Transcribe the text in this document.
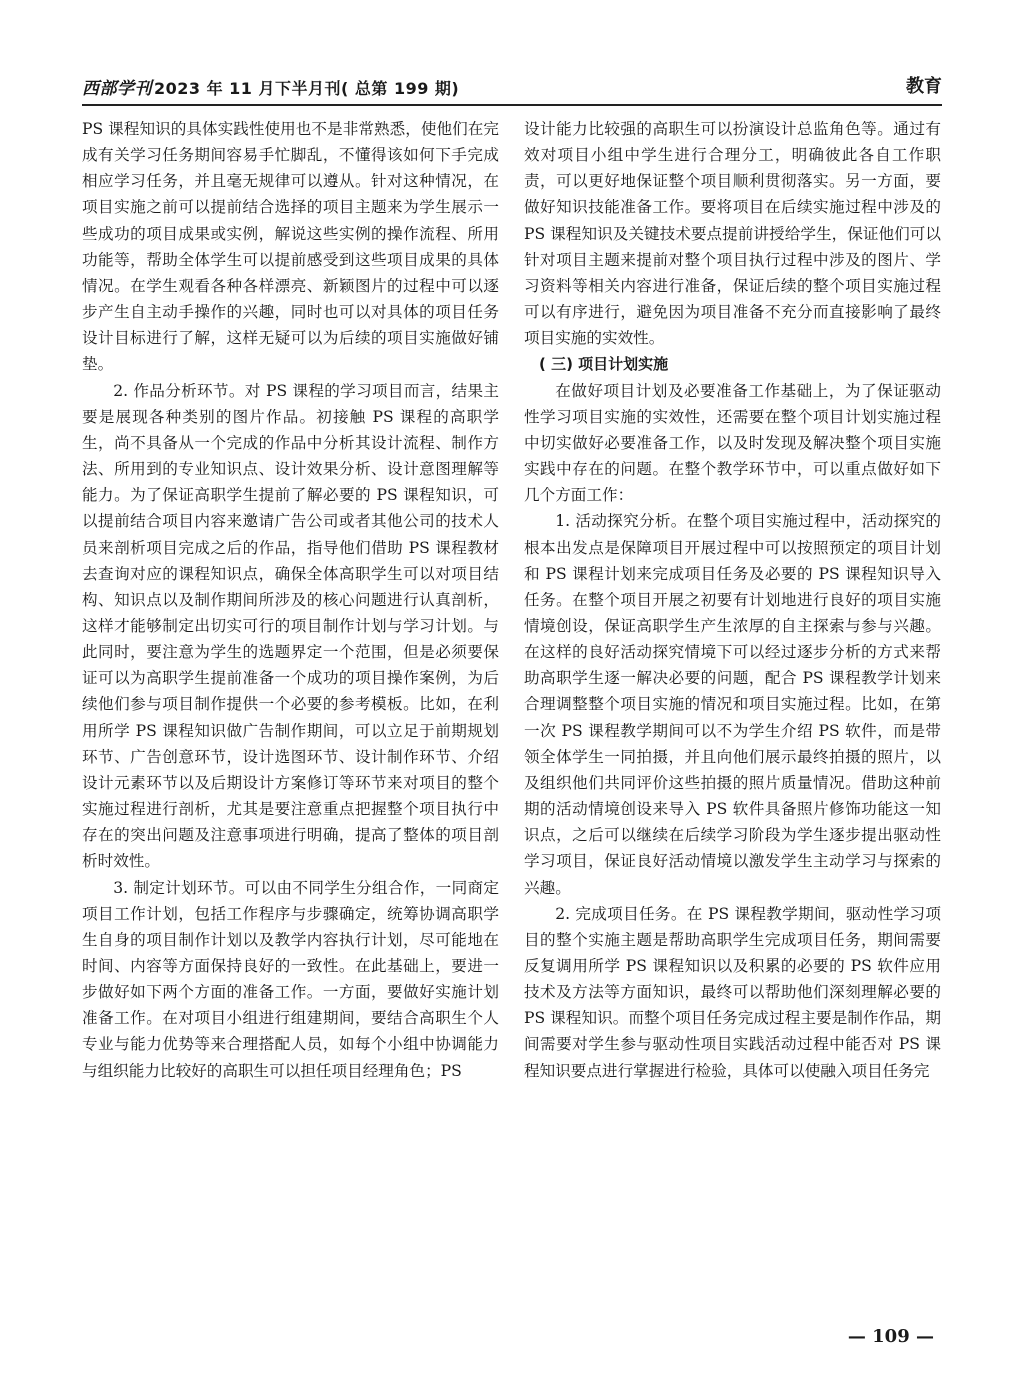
西部学刊 2023 年 11 月下半月刊( 总第 199 期)	教育

PS 课程知识的具体实践性使用也不是非常熟悉，使他们在完成有关学习任务期间容易手忙脚乱，不懂得该如何下手完成相应学习任务，并且毫无规律可以遵从。针对这种情况，在项目实施之前可以提前结合选择的项目主题来为学生展示一些成功的项目成果或实例，解说这些实例的操作流程、所用功能等，帮助全体学生可以提前感受到这些项目成果的具体情况。在学生观看各种各样漂亮、新颖图片的过程中可以逐步产生自主动手操作的兴趣，同时也可以对具体的项目任务设计目标进行了解，这样无疑可以为后续的项目实施做好铺垫。

2. 作品分析环节。对 PS 课程的学习项目而言，结果主要是展现各种类别的图片作品。初接触 PS 课程的高职学生，尚不具备从一个完成的作品中分析其设计流程、制作方法、所用到的专业知识点、设计效果分析、设计意图理解等能力。为了保证高职学生提前了解必要的 PS 课程知识，可以提前结合项目内容来邀请广告公司或者其他公司的技术人员来剖析项目完成之后的作品，指导他们借助 PS 课程教材去查询对应的课程知识点，确保全体高职学生可以对项目结构、知识点以及制作期间所涉及的核心问题进行认真剖析，这样才能够制定出切实可行的项目制作计划与学习计划。与此同时，要注意为学生的选题界定一个范围，但是必须要保证可以为高职学生提前准备一个成功的项目操作案例，为后续他们参与项目制作提供一个必要的参考模板。比如，在利用所学 PS 课程知识做广告制作期间，可以立足于前期规划环节、广告创意环节，设计选图环节、设计制作环节、介绍设计元素环节以及后期设计方案修订等环节来对项目的整个实施过程进行剖析，尤其是要注意重点把握整个项目执行中存在的突出问题及注意事项进行明确，提高了整体的项目剖析时效性。

3. 制定计划环节。可以由不同学生分组合作，一同商定项目工作计划，包括工作程序与步骤确定，统筹协调高职学生自身的项目制作计划以及教学内容执行计划，尽可能地在时间、内容等方面保持良好的一致性。在此基础上，要进一步做好如下两个方面的准备工作。一方面，要做好实施计划准备工作。在对项目小组进行组建期间，要结合高职生个人专业与能力优势等来合理搭配人员，如每个小组中协调能力与组织能力比较好的高职生可以担任项目经理角色；PS

设计能力比较强的高职生可以扮演设计总监角色等。通过有效对项目小组中学生进行合理分工，明确彼此各自工作职责，可以更好地保证整个项目顺利贯彻落实。另一方面，要做好知识技能准备工作。要将项目在后续实施过程中涉及的 PS 课程知识及关键技术要点提前讲授给学生，保证他们可以针对项目主题来提前对整个项目执行过程中涉及的图片、学习资料等相关内容进行准备，保证后续的整个项目实施过程可以有序进行，避免因为项目准备不充分而直接影响了最终项目实施的实效性。

( 三) 项目计划实施

在做好项目计划及必要准备工作基础上，为了保证驱动性学习项目实施的实效性，还需要在整个项目计划实施过程中切实做好必要准备工作，以及时发现及解决整个项目实施实践中存在的问题。在整个教学环节中，可以重点做好如下几个方面工作：

1. 活动探究分析。在整个项目实施过程中，活动探究的根本出发点是保障项目开展过程中可以按照预定的项目计划和 PS 课程计划来完成项目任务及必要的 PS 课程知识导入任务。在整个项目开展之初要有计划地进行良好的项目实施情境创设，保证高职学生产生浓厚的自主探索与参与兴趣。在这样的良好活动探究情境下可以经过逐步分析的方式来帮助高职学生逐一解决必要的问题，配合 PS 课程教学计划来合理调整整个项目实施的情况和项目实施过程。比如，在第一次 PS 课程教学期间可以不为学生介绍 PS 软件，而是带领全体学生一同拍摄，并且向他们展示最终拍摄的照片，以及组织他们共同评价这些拍摄的照片质量情况。借助这种前期的活动情境创设来导入 PS 软件具备照片修饰功能这一知识点，之后可以继续在后续学习阶段为学生逐步提出驱动性学习项目，保证良好活动情境以激发学生主动学习与探索的兴趣。

2. 完成项目任务。在 PS 课程教学期间，驱动性学习项目的整个实施主题是帮助高职学生完成项目任务，期间需要反复调用所学 PS 课程知识以及积累的必要的 PS 软件应用技术及方法等方面知识，最终可以帮助他们深刻理解必要的 PS 课程知识。而整个项目任务完成过程主要是制作作品，期间需要对学生参与驱动性项目实践活动过程中能否对 PS 课程知识要点进行掌握进行检验，具体可以使融入项目任务完

— 109 —
